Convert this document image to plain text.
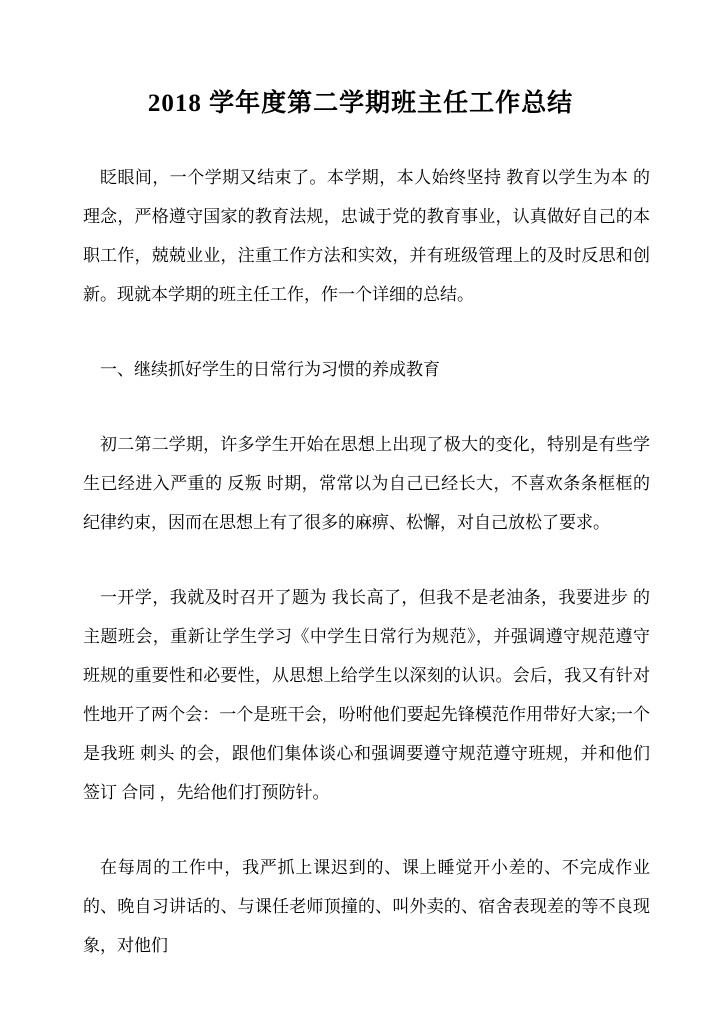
2018 学年度第二学期班主任工作总结

眨眼间，一个学期又结束了。本学期，本人始终坚持 教育以学生为本 的理念，严格遵守国家的教育法规，忠诚于党的教育事业，认真做好自己的本职工作，兢兢业业，注重工作方法和实效，并有班级管理上的及时反思和创新。现就本学期的班主任工作，作一个详细的总结。

一、继续抓好学生的日常行为习惯的养成教育

初二第二学期，许多学生开始在思想上出现了极大的变化，特别是有些学生已经进入严重的 反叛 时期，常常以为自己已经长大，不喜欢条条框框的纪律约束，因而在思想上有了很多的麻痹、松懈，对自己放松了要求。

一开学，我就及时召开了题为 我长高了，但我不是老油条，我要进步 的主题班会，重新让学生学习《中学生日常行为规范》，并强调遵守规范遵守班规的重要性和必要性，从思想上给学生以深刻的认识。会后，我又有针对性地开了两个会：一个是班干会，吩咐他们要起先锋模范作用带好大家;一个是我班 刺头 的会，跟他们集体谈心和强调要遵守规范遵守班规，并和他们签订 合同 ，先给他们打预防针。

在每周的工作中，我严抓上课迟到的、课上睡觉开小差的、不完成作业的、晚自习讲话的、与课任老师顶撞的、叫外卖的、宿舍表现差的等不良现象，对他们
